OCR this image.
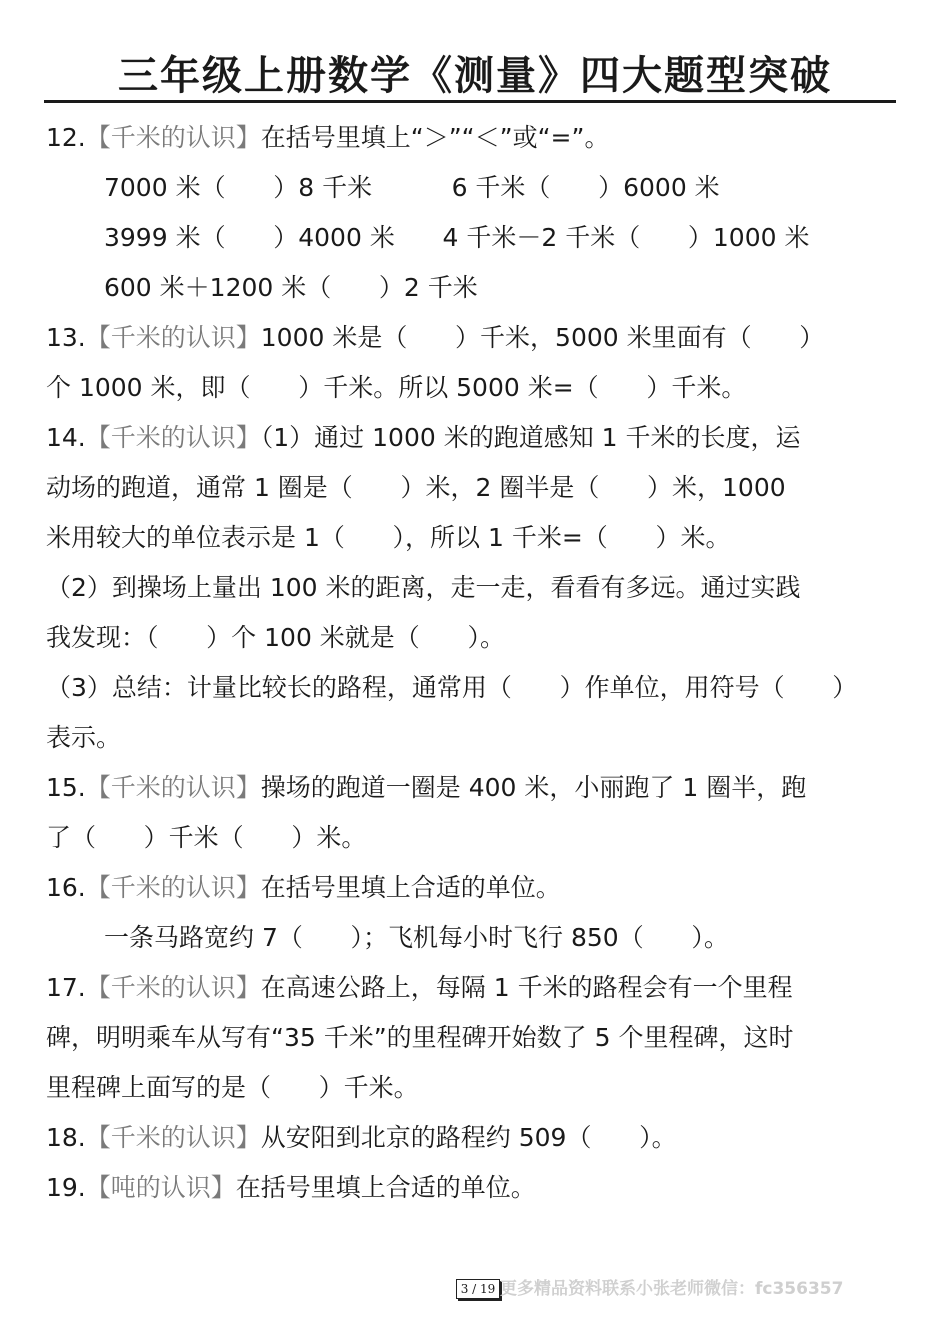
三年级上册数学《测量》四大题型突破
12.【千米的认识】在括号里填上“＞”“＜”或“=”。
7000 米（      ）8 千米          6 千米（      ）6000 米
3999 米（      ）4000 米      4 千米－2 千米（      ）1000 米
600 米＋1200 米（      ）2 千米
13.【千米的认识】1000 米是（      ）千米，5000 米里面有（      ）
个 1000 米，即（      ）千米。所以 5000 米=（      ）千米。
14.【千米的认识】（1）通过 1000 米的跑道感知 1 千米的长度，运
动场的跑道，通常 1 圈是（      ）米，2 圈半是（      ）米，1000
米用较大的单位表示是 1（      ），所以 1 千米=（      ）米。
（2）到操场上量出 100 米的距离，走一走，看看有多远。通过实践
我发现：（      ）个 100 米就是（      ）。
（3）总结：计量比较长的路程，通常用（      ）作单位，用符号（      ）
表示。
15.【千米的认识】操场的跑道一圈是 400 米，小丽跑了 1 圈半，跑
了（      ）千米（      ）米。
16.【千米的认识】在括号里填上合适的单位。
一条马路宽约 7（      ）；飞机每小时飞行 850（      ）。
17.【千米的认识】在高速公路上，每隔 1 千米的路程会有一个里程
碑，明明乘车从写有“35 千米”的里程碑开始数了 5 个里程碑，这时
里程碑上面写的是（      ）千米。
18.【千米的认识】从安阳到北京的路程约 509（      ）。
19.【吨的认识】在括号里填上合适的单位。
3 / 19 更多精品资料联系小张老师微信：fc356357
